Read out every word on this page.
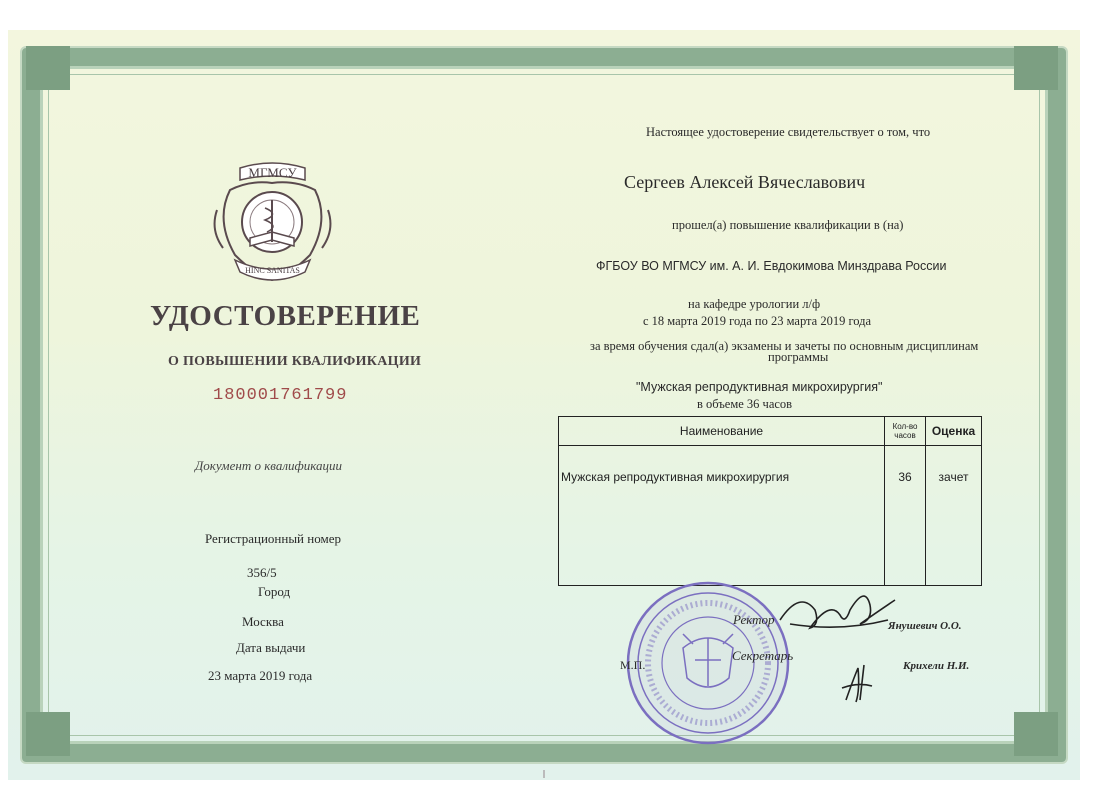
МГМСУ
HINC SANITAS
УДОСТОВЕРЕНИЕ
О ПОВЫШЕНИИ КВАЛИФИКАЦИИ
180001761799
Документ о квалификации
Регистрационный номер
356/5
Город
Москва
Дата выдачи
23 марта 2019 года
Настоящее удостоверение свидетельствует о том, что
Сергеев Алексей Вячеславович
прошел(а) повышение квалификации в (на)
ФГБОУ ВО МГМСУ им. А. И. Евдокимова Минздрава России
на кафедре урологии л/ф
с 18 марта 2019 года по 23 марта 2019 года
за время обучения сдал(а) экзамены и зачеты по основным дисциплинам
программы
"Мужская репродуктивная микрохирургия"
в объеме 36 часов
Наименование	Кол-во часов	Оценка
Мужская репродуктивная микрохирургия	36	зачет
Ректор	Янушевич О.О.
Секретарь
Крихели Н.И.
М.П.
